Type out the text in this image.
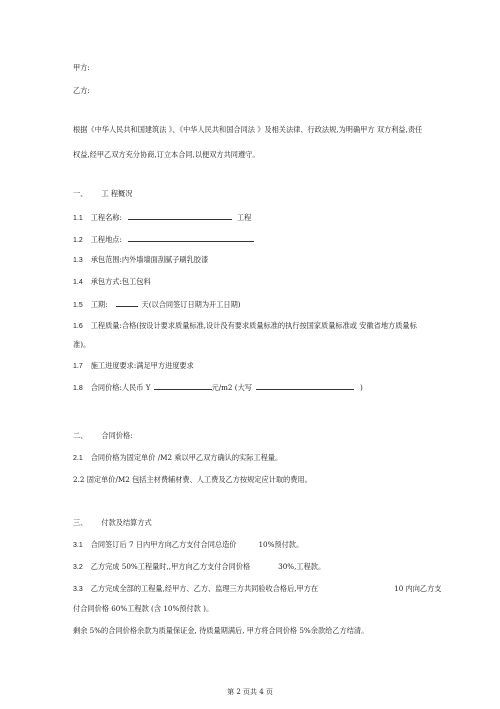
甲方:
乙方:
根据《中华人民共和国建筑法 》、《中华人民共和国合同法 》及相关法律、行政法规,为明确甲方 双方利益,责任
权益,经甲乙双方充分协商,订立本合同,以便双方共同遵守。
一、 工 程概况
1.1 工程名称:	工程
1.2 工程地点:
1.3 承包范围:内外墙墙面刮腻子刷乳胶漆
1.4 承包方式:包工包料
1.5 工期:	天(以合同签订日期为开工日期)
1.6 工程质量:合格(按设计要求质量标准,设计没有要求质量标准的执行按国家质量标准或 安徽省地方质量标
准)。
1.7 施工进度要求:满足甲方进度要求
1.8 合同价格:人民币 Y	元/m2 (大写	)
二、 合同价格:
2.1 合同价格为固定单价 /M2 乘以甲乙双方确认的实际工程量。
2.2 固定单价/M2 包括主材费辅材费、人工费及乙方按规定应计取的费用。
三、 付款及结算方式
3.1 合同签订后 7 日内甲方向乙方支付合同总造价	10%预付款。
3.2 乙方完成 50%工程量时,,甲方向乙方支付合同价格	30%,工程款。
3.3 乙方完成全部的工程量,经甲方、乙方、监理三方共同验收合格后,甲方在	10 内向乙方支
付合同价格 60%工程款 (含 10%预付款 )。
剩余 5%的合同价格余款为质量保证金, 待质量期满后, 甲方将合同价格 5%余款给乙方结清。
第 2 页共 4 页
